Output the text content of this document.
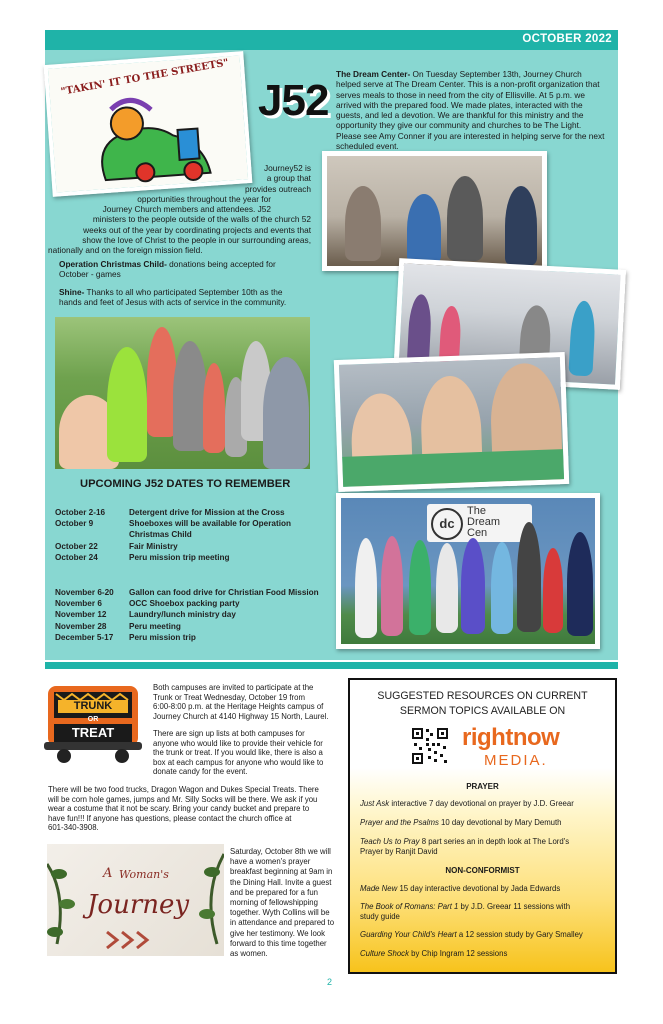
OCTOBER 2022
"TAKIN' IT TO THE STREETS" J52
Journey52 is
a group that
provides outreach
opportunities throughout the year for
Journey Church members and attendees. J52
ministers to the people outside of the walls of the church 52
weeks out of the year by coordinating projects and events that
show the love of Christ to the people in our surrounding areas,
nationally and on the foreign mission field.
Operation Christmas Child- donations being accepted for
October - games
Shine- Thanks to all who participated September 10th as the
hands and feet of Jesus with acts of service in the community.
The Dream Center- On Tuesday September 13th, Journey Church
helped serve at The Dream Center. This is a non-profit organization that
serves meals to those in need from the city of Ellisville. At 5 p.m. we
arrived with the prepared food. We made plates, interacted with the
guests, and led a devotion. We are thankful for this ministry and the
opportunity they give our community and churches to be The Light.
Please see Amy Conner if you are interested in helping serve for the next
scheduled event.
dc
The
Dream
Cen
UPCOMING J52 DATES TO REMEMBER
October 2-16	Detergent drive for Mission at the Cross
October 9	Shoeboxes will be available for Operation
Christmas Child
October 22	Fair Ministry
October 24	Peru mission trip meeting
November 6-20	Gallon can food drive for Christian Food Mission
November 6	OCC Shoebox packing party
November 12	Laundry/lunch ministry day
November 28	Peru meeting
December 5-17	Peru mission trip
TRUNK
OR
TREAT
Both campuses are invited to participate at the
Trunk or Treat Wednesday, October 19 from
6:00-8:00 p.m. at the Heritage Heights campus of
Journey Church at 4140 Highway 15 North, Laurel.
There are sign up lists at both campuses for
anyone who would like to provide their vehicle for
the trunk or treat. If you would like, there is also a
box at each campus for anyone who would like to
donate candy for the event.
There will be two food trucks, Dragon Wagon and Dukes Special Treats. There
will be corn hole games, jumps and Mr. Silly Socks will be there. We ask if you
wear a costume that it not be scary. Bring your candy bucket and prepare to
have fun!!! If anyone has questions, please contact the church office at
601-340-3908.
A Woman's
Journey
Saturday, October 8th we will
have a women's prayer
breakfast beginning at 9am in
the Dining Hall. Invite a guest
and be prepared for a fun
morning of fellowshipping
together. Wyth Collins will be
in attendance and prepared to
give her testimony. We look
forward to this time together
as women.
SUGGESTED RESOURCES ON CURRENT
SERMON TOPICS AVAILABLE ON
rightnow
MEDIA.
PRAYER
Just Ask interactive 7 day devotional on prayer by J.D. Greear
Prayer and the Psalms 10 day devotional by Mary Demuth
Teach Us to Pray 8 part series an in depth look at The Lord's
Prayer by Ranjit David
NON-CONFORMIST
Made New 15 day interactive devotional by Jada Edwards
The Book of Romans: Part 1 by J.D. Greear 11 sessions with
study guide
Guarding Your Child's Heart a 12 session study by Gary Smalley
Culture Shock by Chip Ingram 12 sessions
2
